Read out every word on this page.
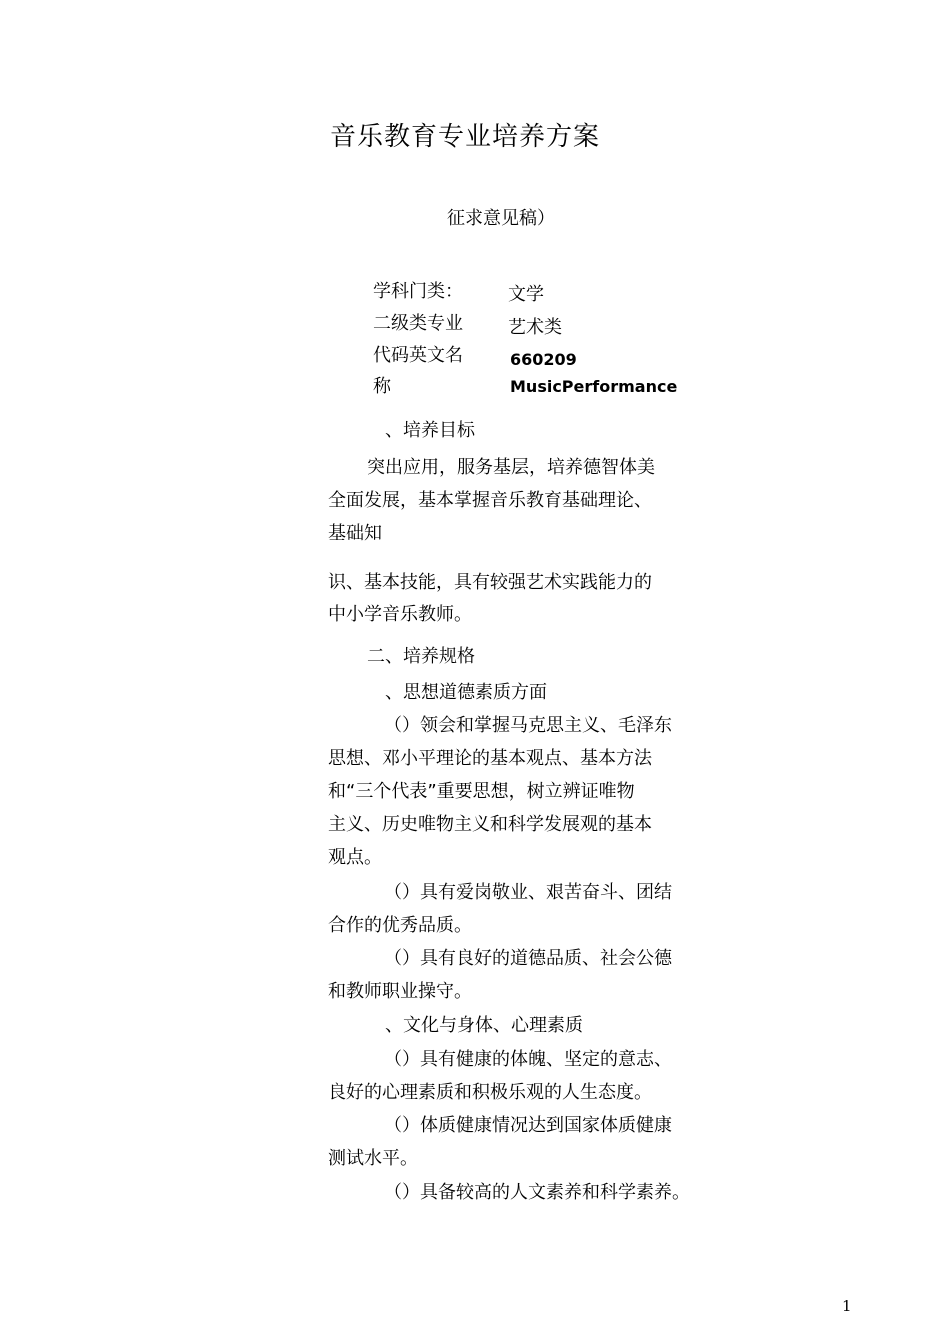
音乐教育专业培养方案
征求意见稿）
学科门类：
二级类专业
代码英文名
称
文学
艺术类
660209
MusicPerformance
、培养目标
突出应用，服务基层，培养德智体美
全面发展，基本掌握音乐教育基础理论、
基础知
识、基本技能，具有较强艺术实践能力的
中小学音乐教师。
二、培养规格
、思想道德素质方面
（）领会和掌握马克思主义、毛泽东
思想、邓小平理论的基本观点、基本方法
和“三个代表”重要思想，树立辨证唯物
主义、历史唯物主义和科学发展观的基本
观点。
（）具有爱岗敬业、艰苦奋斗、团结
合作的优秀品质。
（）具有良好的道德品质、社会公德
和教师职业操守。
、文化与身体、心理素质
（）具有健康的体魄、坚定的意志、
良好的心理素质和积极乐观的人生态度。
（）体质健康情况达到国家体质健康
测试水平。
（）具备较高的人文素养和科学素养。
1
